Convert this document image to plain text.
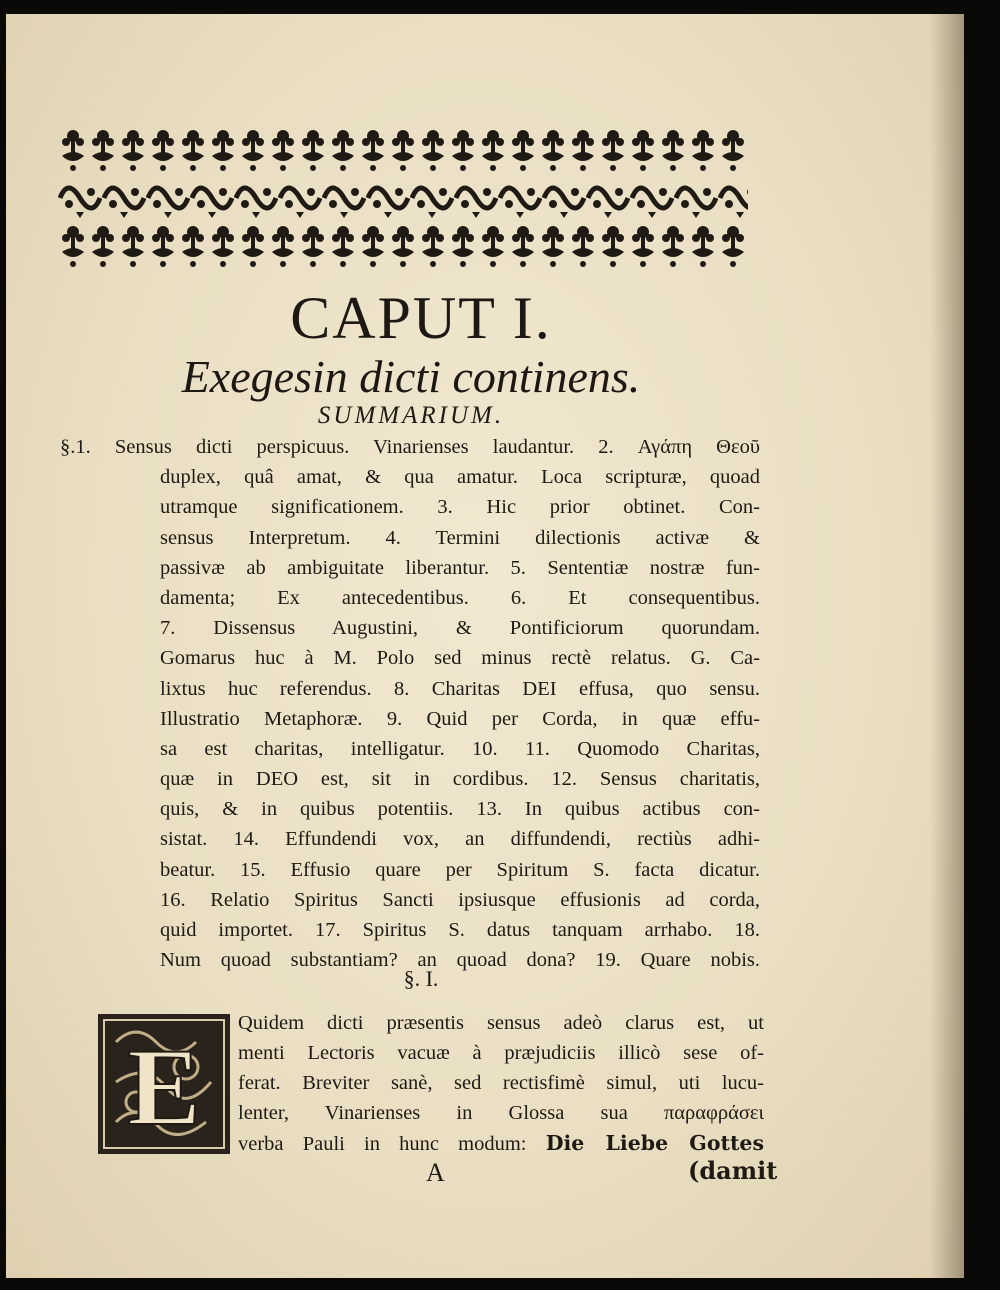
CAPUT I.
Exegesin dicti continens.
SUMMARIUM.
§.1. Sensus dicti perspicuus. Vinarienses laudantur. 2. Αγάπη Θεοῦ
duplex, quâ amat, & qua amatur. Loca scripturæ, quoad
utramque significationem. 3. Hic prior obtinet. Con-
sensus Interpretum. 4. Termini dilectionis activæ &
passivæ ab ambiguitate liberantur. 5. Sententiæ nostræ fun-
damenta; Ex antecedentibus. 6. Et consequentibus.
7. Dissensus Augustini, & Pontificiorum quorundam.
Gomarus huc à M. Polo sed minus rectè relatus. G. Ca-
lixtus huc referendus. 8. Charitas DEI effusa, quo sensu.
Illustratio Metaphoræ. 9. Quid per Corda, in quæ effu-
sa est charitas, intelligatur. 10. 11. Quomodo Charitas,
quæ in DEO est, sit in cordibus. 12. Sensus charitatis,
quis, & in quibus potentiis. 13. In quibus actibus con-
sistat. 14. Effundendi vox, an diffundendi, rectiùs adhi-
beatur. 15. Effusio quare per Spiritum S. facta dicatur.
16. Relatio Spiritus Sancti ipsiusque effusionis ad corda,
quid importet. 17. Spiritus S. datus tanquam arrhabo. 18.
Num quoad substantiam? an quoad dona? 19. Quare nobis.
§. I.
E
Quidem dicti præsentis sensus adeò clarus est, ut
menti Lectoris vacuæ à præjudiciis illicò sese of-
ferat. Breviter sanè, sed rectisfimè simul, uti lucu-
lenter, Vinarienses in Glossa sua παραφράσει
verba Pauli in hunc modum: Die Liebe Gottes
A	(damit
